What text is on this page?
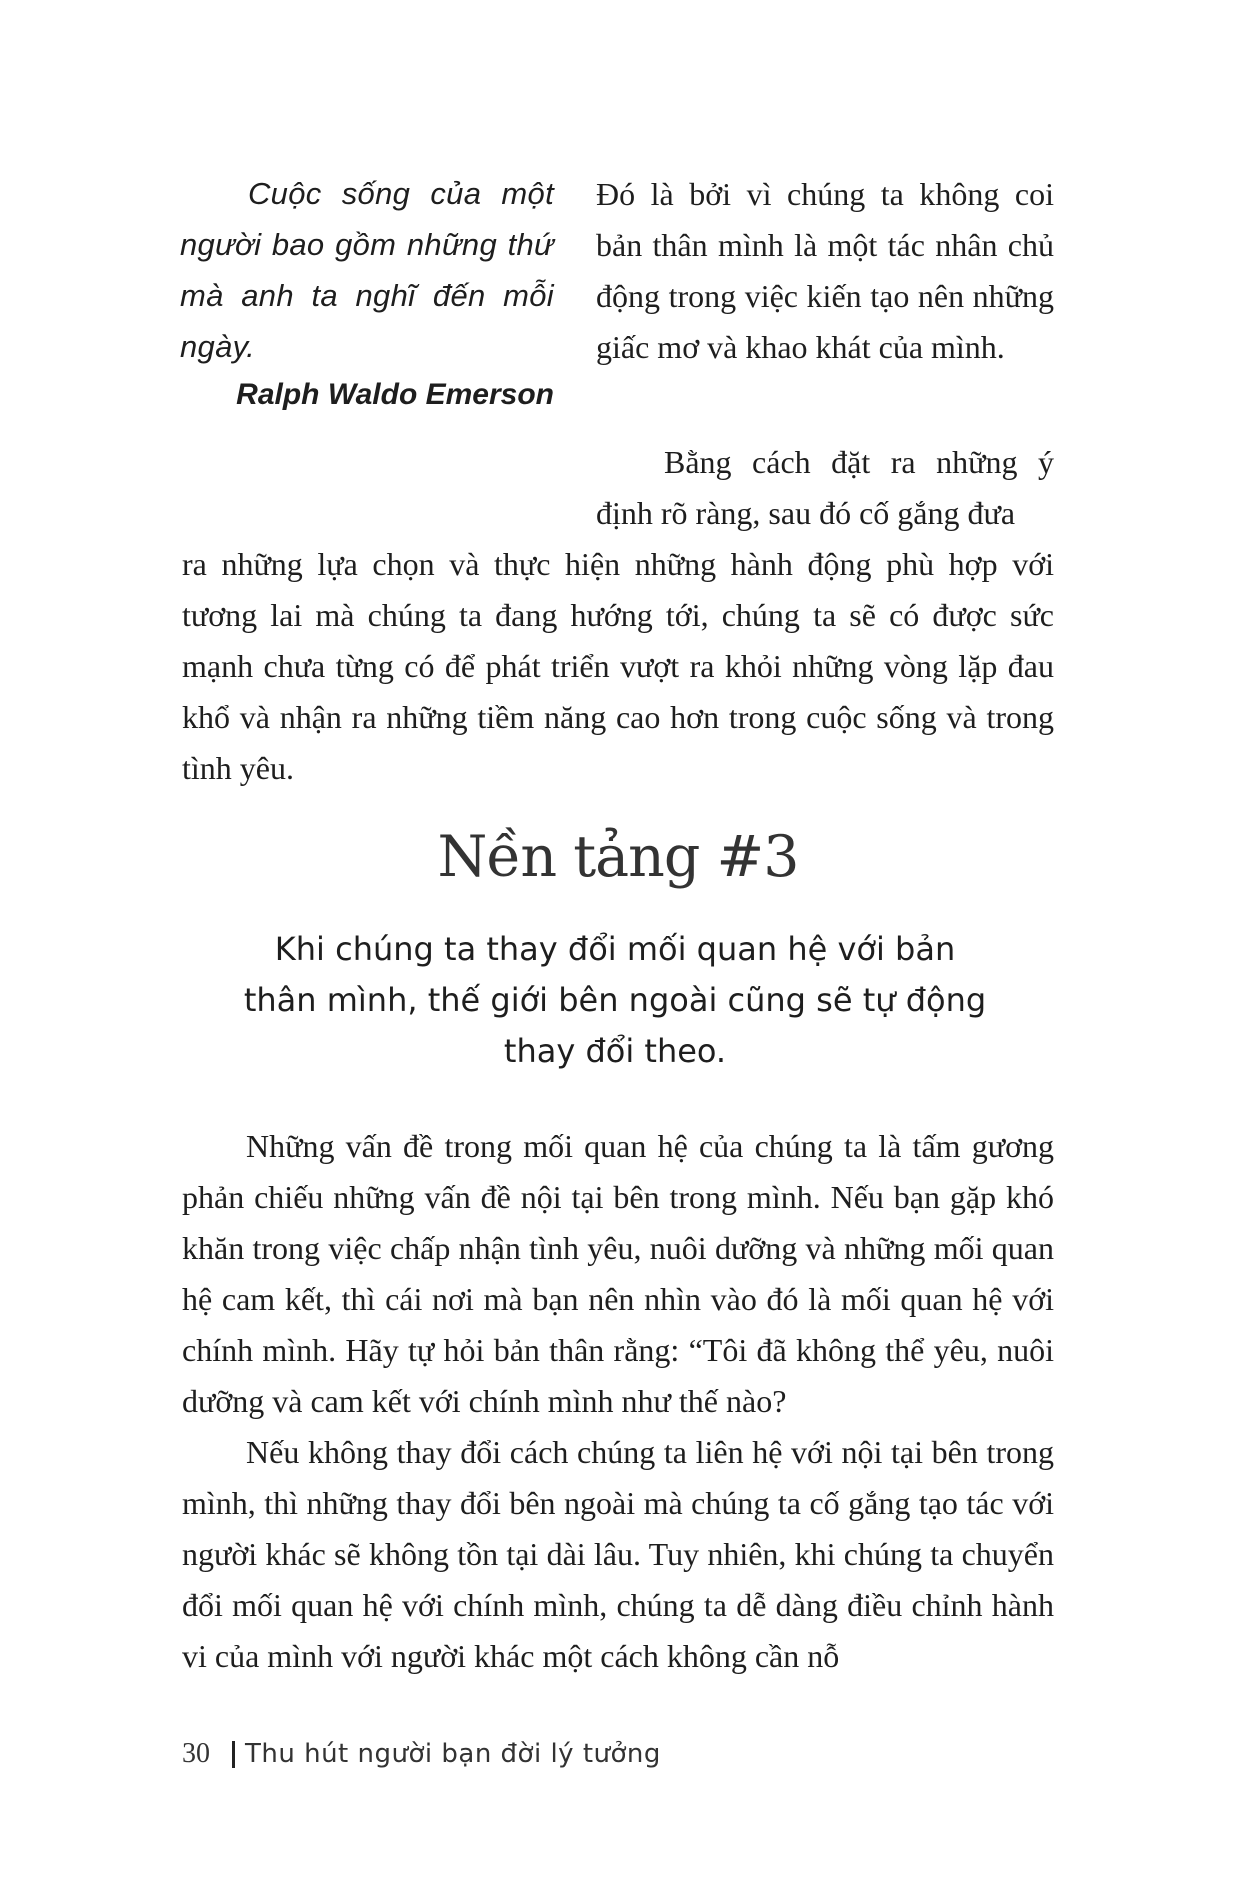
Cuộc sống của một người bao gồm những thứ mà anh ta nghĩ đến mỗi ngày.

Ralph Waldo Emerson

Đó là bởi vì chúng ta không coi bản thân mình là một tác nhân chủ động trong việc kiến tạo nên những giấc mơ và khao khát của mình.

Bằng cách đặt ra những ý định rõ ràng, sau đó cố gắng đưa
ra những lựa chọn và thực hiện những hành động phù hợp với tương lai mà chúng ta đang hướng tới, chúng ta sẽ có được sức mạnh chưa từng có để phát triển vượt ra khỏi những vòng lặp đau khổ và nhận ra những tiềm năng cao hơn trong cuộc sống và trong tình yêu.

Nền tảng #3

Khi chúng ta thay đổi mối quan hệ với bản
thân mình, thế giới bên ngoài cũng sẽ tự động
thay đổi theo.

Những vấn đề trong mối quan hệ của chúng ta là tấm gương phản chiếu những vấn đề nội tại bên trong mình. Nếu bạn gặp khó khăn trong việc chấp nhận tình yêu, nuôi dưỡng và những mối quan hệ cam kết, thì cái nơi mà bạn nên nhìn vào đó là mối quan hệ với chính mình. Hãy tự hỏi bản thân rằng: “Tôi đã không thể yêu, nuôi dưỡng và cam kết với chính mình như thế nào?

Nếu không thay đổi cách chúng ta liên hệ với nội tại bên trong mình, thì những thay đổi bên ngoài mà chúng ta cố gắng tạo tác với người khác sẽ không tồn tại dài lâu. Tuy nhiên, khi chúng ta chuyển đổi mối quan hệ với chính mình, chúng ta dễ dàng điều chỉnh hành vi của mình với người khác một cách không cần nỗ

30 Thu hút người bạn đời lý tưởng
